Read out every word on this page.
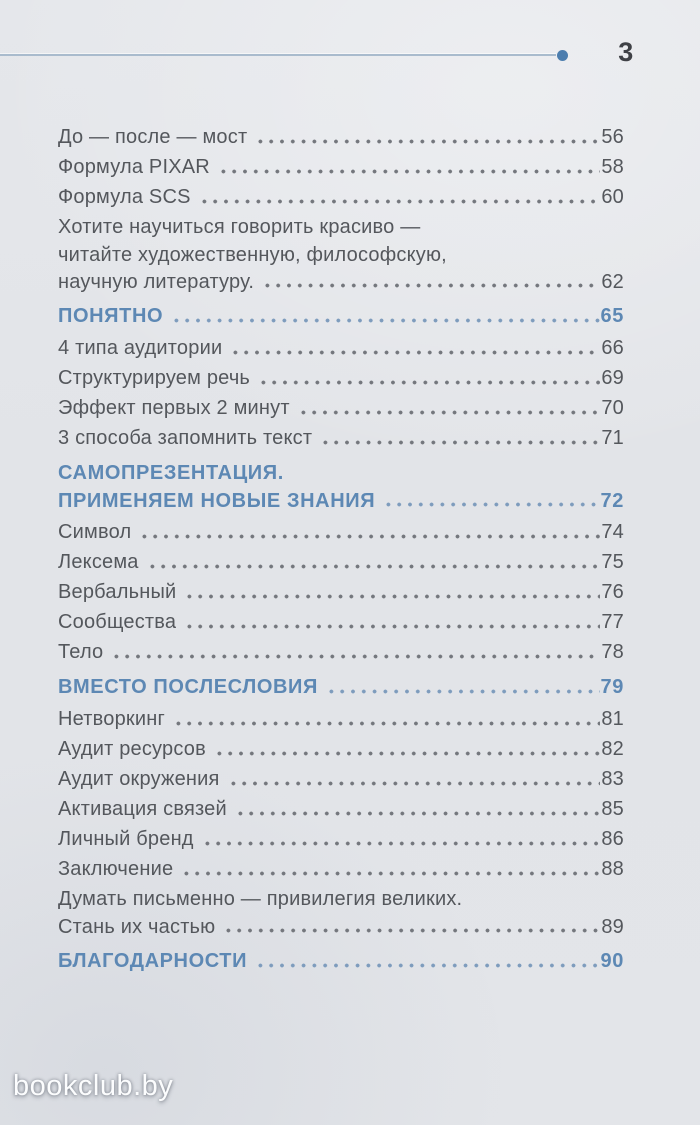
3
До — после — мост	56
Формула PIXAR	58
Формула SCS	60
Хотите научиться говорить красиво —
читайте художественную, философскую,
научную литературу.	62
ПОНЯТНО	65
4 типа аудитории	66
Структурируем речь	69
Эффект первых 2 минут	70
3 способа запомнить текст	71
САМОПРЕЗЕНТАЦИЯ.
ПРИМЕНЯЕМ НОВЫЕ ЗНАНИЯ	72
Символ	74
Лексема	75
Вербальный	76
Сообщества	77
Тело	78
ВМЕСТО ПОСЛЕСЛОВИЯ	79
Нетворкинг	81
Аудит ресурсов	82
Аудит окружения	83
Активация связей	85
Личный бренд	86
Заключение	88
Думать письменно — привилегия великих.
Стань их частью	89
БЛАГОДАРНОСТИ	90
bookclub.by
